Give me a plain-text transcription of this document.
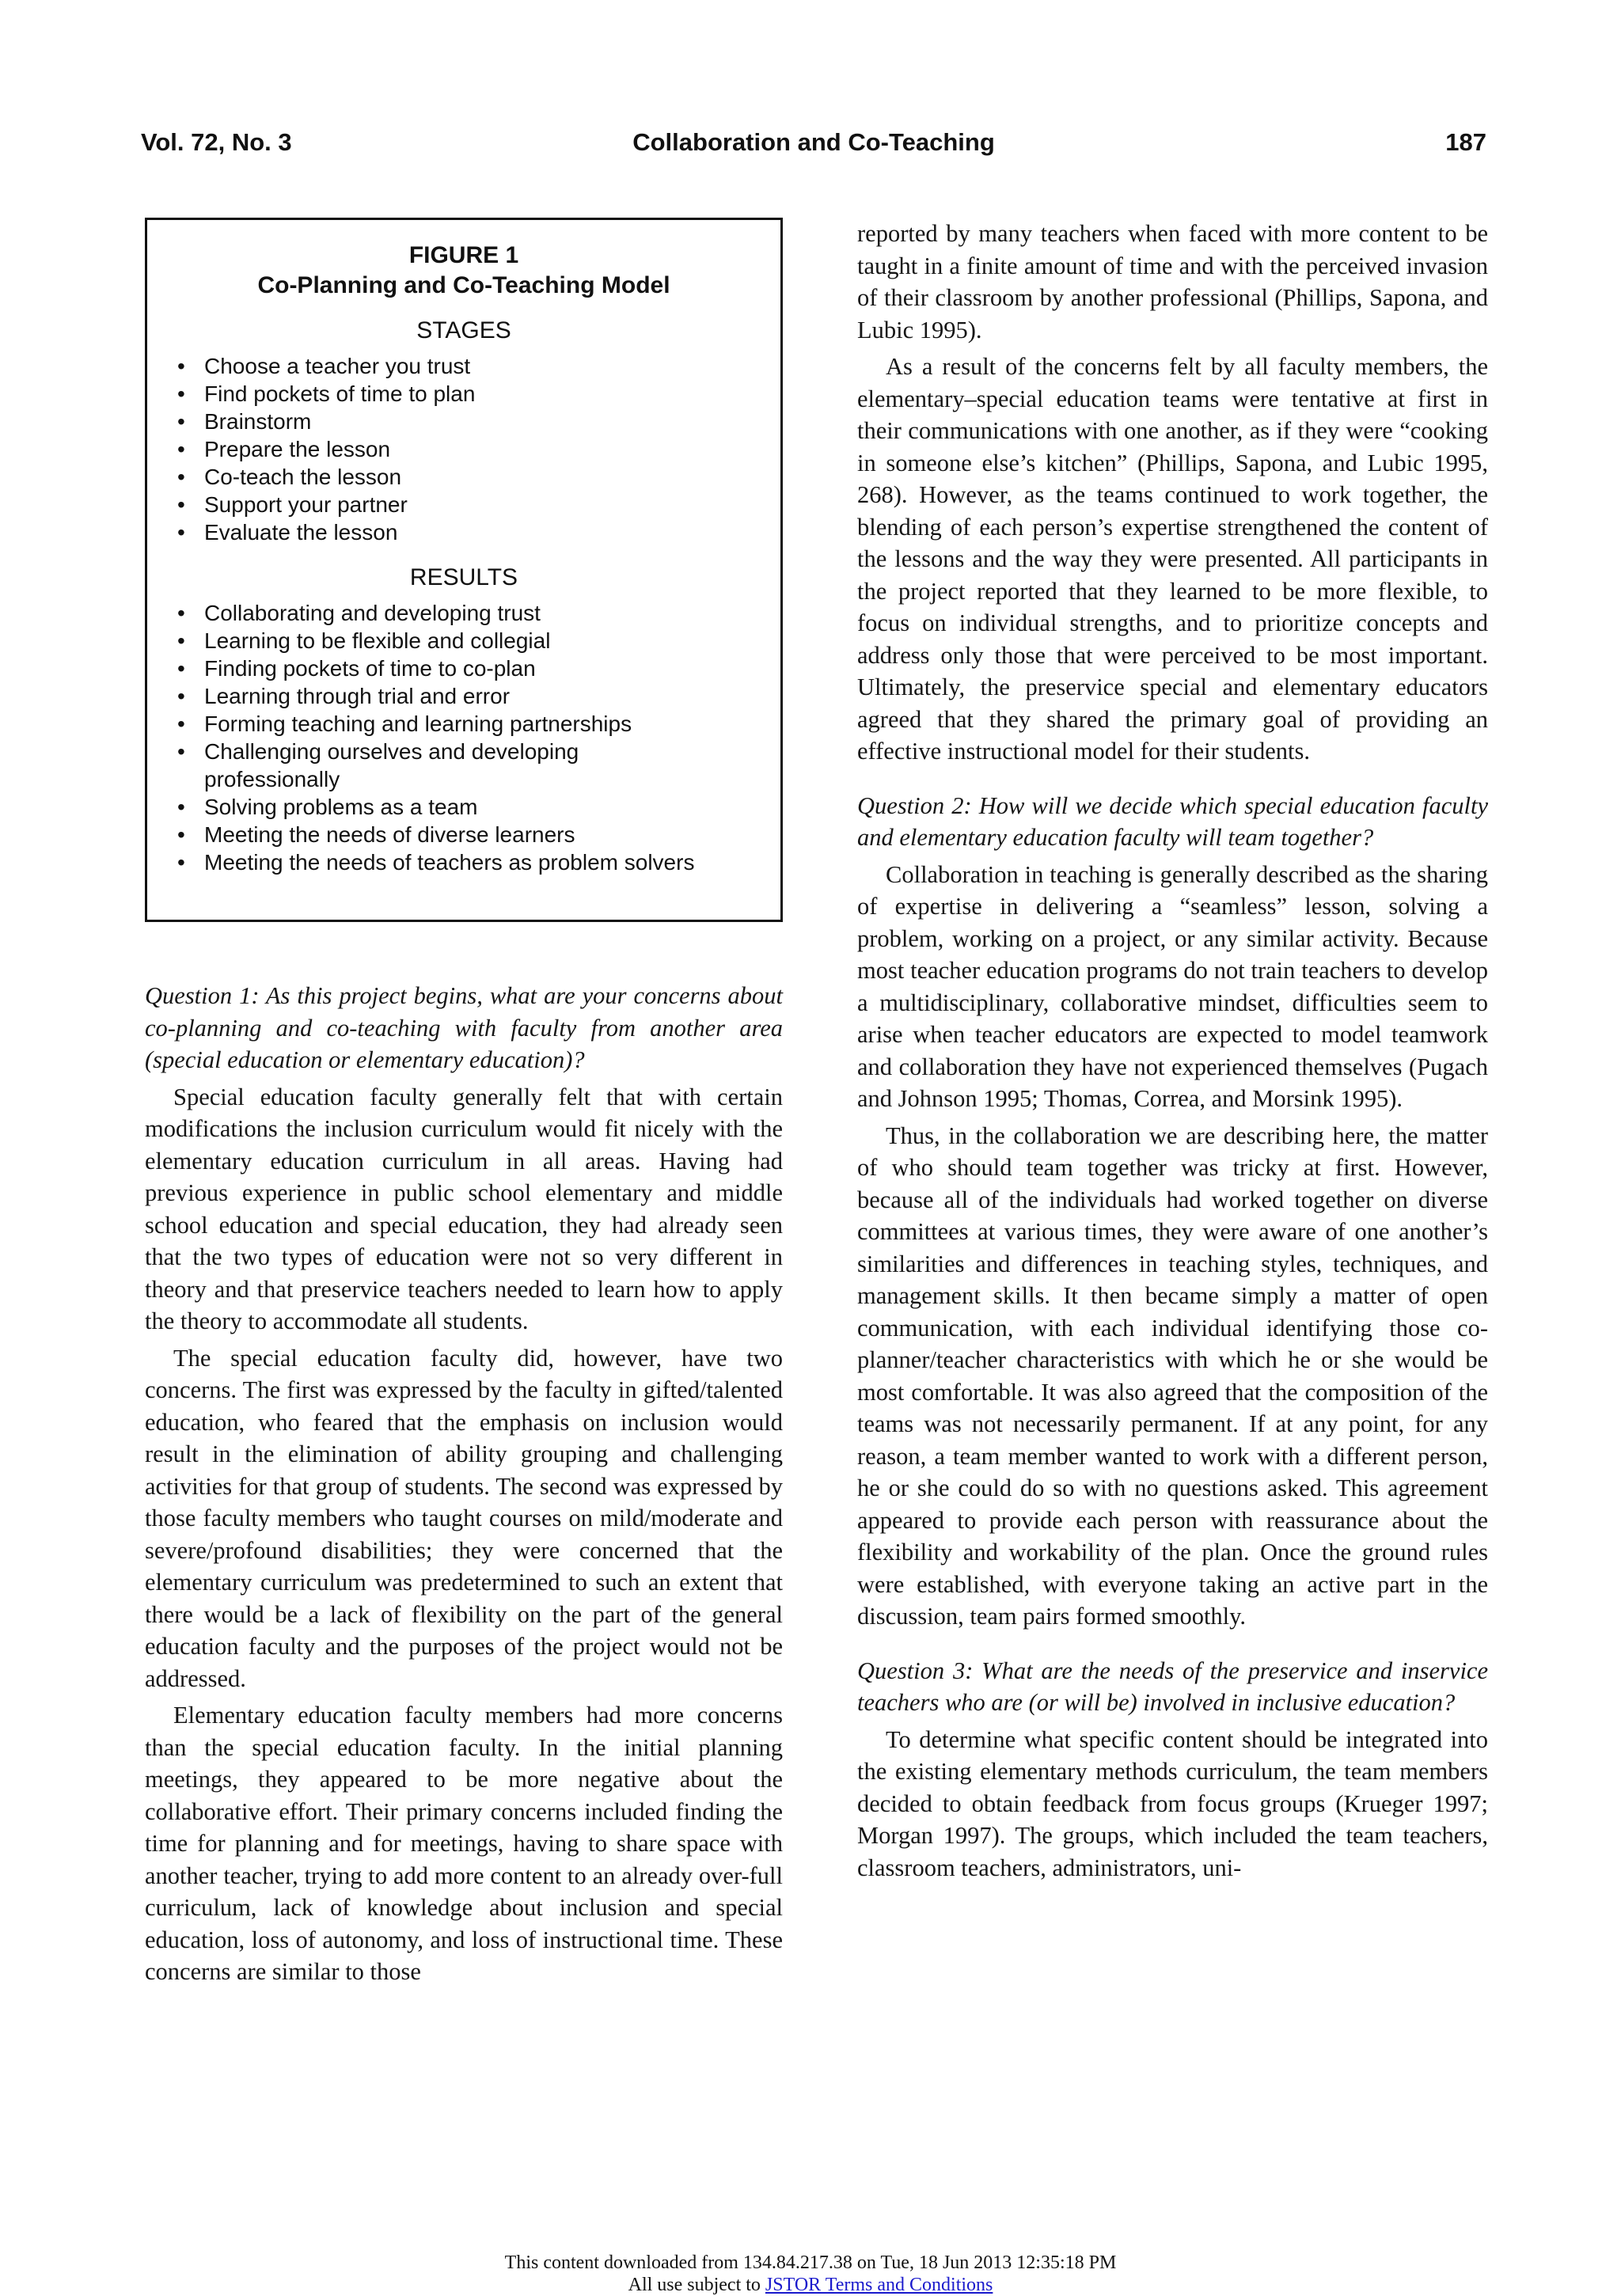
Vol. 72, No. 3	Collaboration and Co-Teaching	187
FIGURE 1
Co-Planning and Co-Teaching Model
STAGES
• Choose a teacher you trust
• Find pockets of time to plan
• Brainstorm
• Prepare the lesson
• Co-teach the lesson
• Support your partner
• Evaluate the lesson
RESULTS
• Collaborating and developing trust
• Learning to be flexible and collegial
• Finding pockets of time to co-plan
• Learning through trial and error
• Forming teaching and learning partnerships
• Challenging ourselves and developing professionally
• Solving problems as a team
• Meeting the needs of diverse learners
• Meeting the needs of teachers as problem solvers

Question 1: As this project begins, what are your concerns about co-planning and co-teaching with faculty from another area (special education or elementary education)?

Special education faculty generally felt that with certain modifications the inclusion curriculum would fit nicely with the elementary education curriculum in all areas. Having had previous experience in public school elementary and middle school education and special education, they had already seen that the two types of education were not so very different in theory and that preservice teachers needed to learn how to apply the theory to accommodate all students.

The special education faculty did, however, have two concerns. The first was expressed by the faculty in gifted/talented education, who feared that the emphasis on inclusion would result in the elimination of ability grouping and challenging activities for that group of students. The second was expressed by those faculty members who taught courses on mild/moderate and severe/profound disabilities; they were concerned that the elementary curriculum was predetermined to such an extent that there would be a lack of flexibility on the part of the general education faculty and the purposes of the project would not be addressed.

Elementary education faculty members had more concerns than the special education faculty. In the initial planning meetings, they appeared to be more negative about the collaborative effort. Their primary concerns included finding the time for planning and for meetings, having to share space with another teacher, trying to add more content to an already over-full curriculum, lack of knowledge about inclusion and special education, loss of autonomy, and loss of instructional time. These concerns are similar to those

reported by many teachers when faced with more content to be taught in a finite amount of time and with the perceived invasion of their classroom by another professional (Phillips, Sapona, and Lubic 1995).

As a result of the concerns felt by all faculty members, the elementary–special education teams were tentative at first in their communications with one another, as if they were “cooking in someone else’s kitchen” (Phillips, Sapona, and Lubic 1995, 268). However, as the teams continued to work together, the blending of each person’s expertise strengthened the content of the lessons and the way they were presented. All participants in the project reported that they learned to be more flexible, to focus on individual strengths, and to prioritize concepts and address only those that were perceived to be most important. Ultimately, the preservice special and elementary educators agreed that they shared the primary goal of providing an effective instructional model for their students.

Question 2: How will we decide which special education faculty and elementary education faculty will team together?

Collaboration in teaching is generally described as the sharing of expertise in delivering a “seamless” lesson, solving a problem, working on a project, or any similar activity. Because most teacher education programs do not train teachers to develop a multidisciplinary, collaborative mindset, difficulties seem to arise when teacher educators are expected to model teamwork and collaboration they have not experienced themselves (Pugach and Johnson 1995; Thomas, Correa, and Morsink 1995).

Thus, in the collaboration we are describing here, the matter of who should team together was tricky at first. However, because all of the individuals had worked together on diverse committees at various times, they were aware of one another’s similarities and differences in teaching styles, techniques, and management skills. It then became simply a matter of open communication, with each individual identifying those co-planner/teacher characteristics with which he or she would be most comfortable. It was also agreed that the composition of the teams was not necessarily permanent. If at any point, for any reason, a team member wanted to work with a different person, he or she could do so with no questions asked. This agreement appeared to provide each person with reassurance about the flexibility and workability of the plan. Once the ground rules were established, with everyone taking an active part in the discussion, team pairs formed smoothly.

Question 3: What are the needs of the preservice and inservice teachers who are (or will be) involved in inclusive education?

To determine what specific content should be integrated into the existing elementary methods curriculum, the team members decided to obtain feedback from focus groups (Krueger 1997; Morgan 1997). The groups, which included the team teachers, classroom teachers, administrators, uni-

This content downloaded from 134.84.217.38 on Tue, 18 Jun 2013 12:35:18 PM
All use subject to JSTOR Terms and Conditions
